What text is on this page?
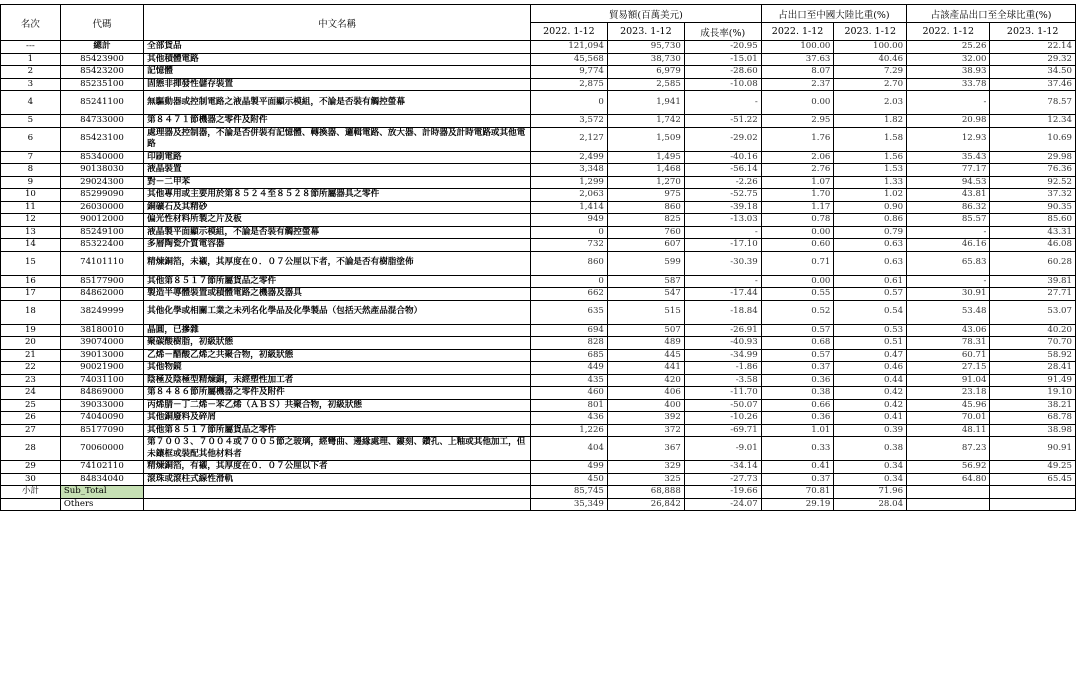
名次	代碼	中文名稱	貿易額(百萬美元)			占出口至中國大陸比重(%)		占該產品出口至全球比重(%)	
			2022. 1-12	2023. 1-12	成長率(%)	2022. 1-12	2023. 1-12	2022. 1-12	2023. 1-12
---	總計	全部貨品	121,094	95,730	-20.95	100.00	100.00	25.26	22.14
1	85423900	其他積體電路	45,568	38,730	-15.01	37.63	40.46	32.00	29.32
2	85423200	記憶體	9,774	6,979	-28.60	8.07	7.29	38.93	34.50
3	85235100	固態非揮發性儲存裝置	2,875	2,585	-10.08	2.37	2.70	33.78	37.46
4	85241100	無驅動器或控制電路之液晶製平面顯示模組，不論是否裝有觸控螢幕	0	1,941	-	0.00	2.03	-	78.57
5	84733000	第８４７１節機器之零件及附件	3,572	1,742	-51.22	2.95	1.82	20.98	12.34
6	85423100	處理器及控制器，不論是否併裝有記憶體、轉換器、邏輯電路、放大器、計時器及計時電路或其他電路	2,127	1,509	-29.02	1.76	1.58	12.93	10.69
7	85340000	印刷電路	2,499	1,495	-40.16	2.06	1.56	35.43	29.98
8	90138030	液晶裝置	3,348	1,468	-56.14	2.76	1.53	77.17	76.36
9	29024300	對－二甲苯	1,299	1,270	-2.26	1.07	1.33	94.53	92.52
10	85299090	其他專用或主要用於第８５２４至８５２８節所屬器具之零件	2,063	975	-52.75	1.70	1.02	43.81	37.32
11	26030000	銅礦石及其精砂	1,414	860	-39.18	1.17	0.90	86.32	90.35
12	90012000	偏光性材料所製之片及板	949	825	-13.03	0.78	0.86	85.57	85.60
13	85249100	液晶製平面顯示模組，不論是否裝有觸控螢幕	0	760	-	0.00	0.79	-	43.31
14	85322400	多層陶瓷介質電容器	732	607	-17.10	0.60	0.63	46.16	46.08
15	74101110	精煉銅箔，未襯，其厚度在０．０７公厘以下者，不論是否有樹脂塗佈	860	599	-30.39	0.71	0.63	65.83	60.28
16	85177900	其他第８５１７節所屬貨品之零件	0	587	-	0.00	0.61	-	39.81
17	84862000	製造半導體裝置或積體電路之機器及器具	662	547	-17.44	0.55	0.57	30.91	27.71
18	38249999	其他化學或相關工業之未列名化學品及化學製品（包括天然產品混合物）	635	515	-18.84	0.52	0.54	53.48	53.07
19	38180010	晶圓，已摻雜	694	507	-26.91	0.57	0.53	43.06	40.20
20	39074000	聚碳酸樹脂，初級狀態	828	489	-40.93	0.68	0.51	78.31	70.70
21	39013000	乙烯－醋酸乙烯之共聚合物，初級狀態	685	445	-34.99	0.57	0.47	60.71	58.92
22	90021900	其他物鏡	449	441	-1.86	0.37	0.46	27.15	28.41
23	74031100	陰極及陰極型精煉銅，未經塑性加工者	435	420	-3.58	0.36	0.44	91.04	91.49
24	84869000	第８４８６節所屬機器之零件及附件	460	406	-11.70	0.38	0.42	23.18	19.10
25	39033000	丙烯腈－丁二烯－苯乙烯（ＡＢＳ）共聚合物，初級狀態	801	400	-50.07	0.66	0.42	45.96	38.21
26	74040090	其他銅廢料及碎屑	436	392	-10.26	0.36	0.41	70.01	68.78
27	85177090	其他第８５１７節所屬貨品之零件	1,226	372	-69.71	1.01	0.39	48.11	38.98
28	70060000	第７００３、７００４或７００５節之玻璃，經彎曲、邊緣處理、鏤刻、鑽孔、上釉或其他加工，但未鑲框或裝配其他材料者	404	367	-9.01	0.33	0.38	87.23	90.91
29	74102110	精煉銅箔，有襯，其厚度在０．０７公厘以下者	499	329	-34.14	0.41	0.34	56.92	49.25
30	84834040	滾珠或滾柱式線性滑軌	450	325	-27.73	0.37	0.34	64.80	65.45
小計	Sub_Total		85,745	68,888	-19.66	70.81	71.96		
	Others		35,349	26,842	-24.07	29.19	28.04		
